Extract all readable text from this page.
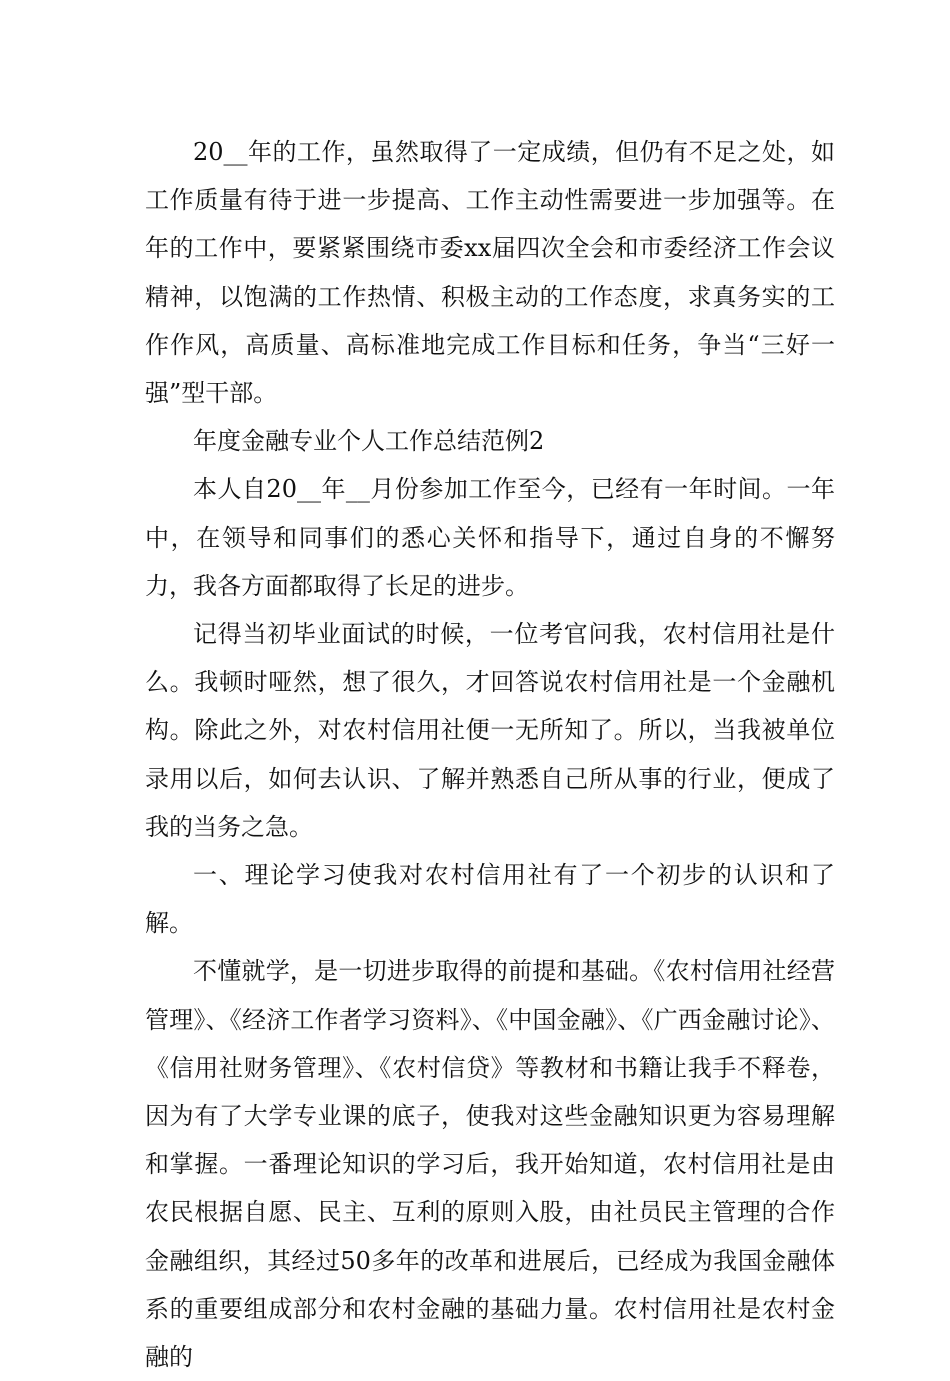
20__年的工作，虽然取得了一定成绩，但仍有不足之处，如工作质量有待于进一步提高、工作主动性需要进一步加强等。在年的工作中，要紧紧围绕市委xx届四次全会和市委经济工作会议精神，以饱满的工作热情、积极主动的工作态度，求真务实的工作作风，高质量、高标准地完成工作目标和任务，争当“三好一强”型干部。

年度金融专业个人工作总结范例2

本人自20__年__月份参加工作至今，已经有一年时间。一年中，在领导和同事们的悉心关怀和指导下，通过自身的不懈努力，我各方面都取得了长足的进步。

记得当初毕业面试的时候，一位考官问我，农村信用社是什么。我顿时哑然，想了很久，才回答说农村信用社是一个金融机构。除此之外，对农村信用社便一无所知了。所以，当我被单位录用以后，如何去认识、了解并熟悉自己所从事的行业，便成了我的当务之急。

一、理论学习使我对农村信用社有了一个初步的认识和了解。

不懂就学，是一切进步取得的前提和基础。《农村信用社经营管理》、《经济工作者学习资料》、《中国金融》、《广西金融讨论》、《信用社财务管理》、《农村信贷》等教材和书籍让我手不释卷，因为有了大学专业课的底子，使我对这些金融知识更为容易理解和掌握。一番理论知识的学习后，我开始知道，农村信用社是由农民根据自愿、民主、互利的原则入股，由社员民主管理的合作金融组织，其经过50多年的改革和进展后，已经成为我国金融体系的重要组成部分和农村金融的基础力量。农村信用社是农村金融的
